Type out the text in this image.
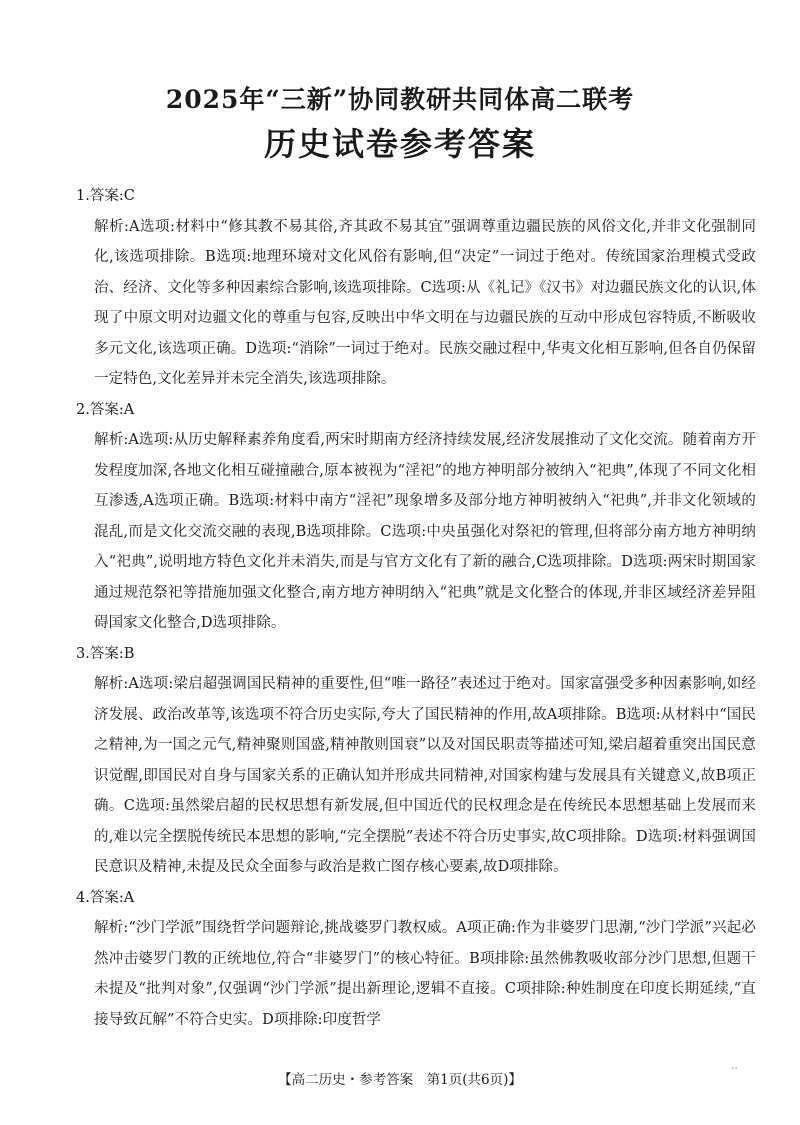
2025年“三新”协同教研共同体高二联考
历史试卷参考答案

1.答案:C

解析:A选项:材料中“修其教不易其俗,齐其政不易其宜”强调尊重边疆民族的风俗文化,并非文化强制同化,该选项排除。B选项:地理环境对文化风俗有影响,但“决定”一词过于绝对。传统国家治理模式受政治、经济、文化等多种因素综合影响,该选项排除。C选项:从《礼记》《汉书》对边疆民族文化的认识,体现了中原文明对边疆文化的尊重与包容,反映出中华文明在与边疆民族的互动中形成包容特质,不断吸收多元文化,该选项正确。D选项:“消除”一词过于绝对。民族交融过程中,华夷文化相互影响,但各自仍保留一定特色,文化差异并未完全消失,该选项排除。

2.答案:A

解析:A选项:从历史解释素养角度看,两宋时期南方经济持续发展,经济发展推动了文化交流。随着南方开发程度加深,各地文化相互碰撞融合,原本被视为“淫祀”的地方神明部分被纳入“祀典”,体现了不同文化相互渗透,A选项正确。B选项:材料中南方“淫祀”现象增多及部分地方神明被纳入“祀典”,并非文化领域的混乱,而是文化交流交融的表现,B选项排除。C选项:中央虽强化对祭祀的管理,但将部分南方地方神明纳入“祀典”,说明地方特色文化并未消失,而是与官方文化有了新的融合,C选项排除。D选项:两宋时期国家通过规范祭祀等措施加强文化整合,南方地方神明纳入“祀典”就是文化整合的体现,并非区域经济差异阻碍国家文化整合,D选项排除。

3.答案:B

解析:A选项:梁启超强调国民精神的重要性,但“唯一路径”表述过于绝对。国家富强受多种因素影响,如经济发展、政治改革等,该选项不符合历史实际,夸大了国民精神的作用,故A项排除。B选项:从材料中“国民之精神,为一国之元气,精神聚则国盛,精神散则国衰”以及对国民职责等描述可知,梁启超着重突出国民意识觉醒,即国民对自身与国家关系的正确认知并形成共同精神,对国家构建与发展具有关键意义,故B项正确。C选项:虽然梁启超的民权思想有新发展,但中国近代的民权理念是在传统民本思想基础上发展而来的,难以完全摆脱传统民本思想的影响,“完全摆脱”表述不符合历史事实,故C项排除。D选项:材料强调国民意识及精神,未提及民众全面参与政治是救亡图存核心要素,故D项排除。

4.答案:A

解析:“沙门学派”围绕哲学问题辩论,挑战婆罗门教权威。A项正确:作为非婆罗门思潮,“沙门学派”兴起必然冲击婆罗门教的正统地位,符合“非婆罗门”的核心特征。B项排除:虽然佛教吸收部分沙门思想,但题干未提及“批判对象”,仅强调“沙门学派”提出新理论,逻辑不直接。C项排除:种姓制度在印度长期延续,“直接导致瓦解”不符合史实。D项排除:印度哲学

【高二历史・参考答案　第1页(共6页)】
··
